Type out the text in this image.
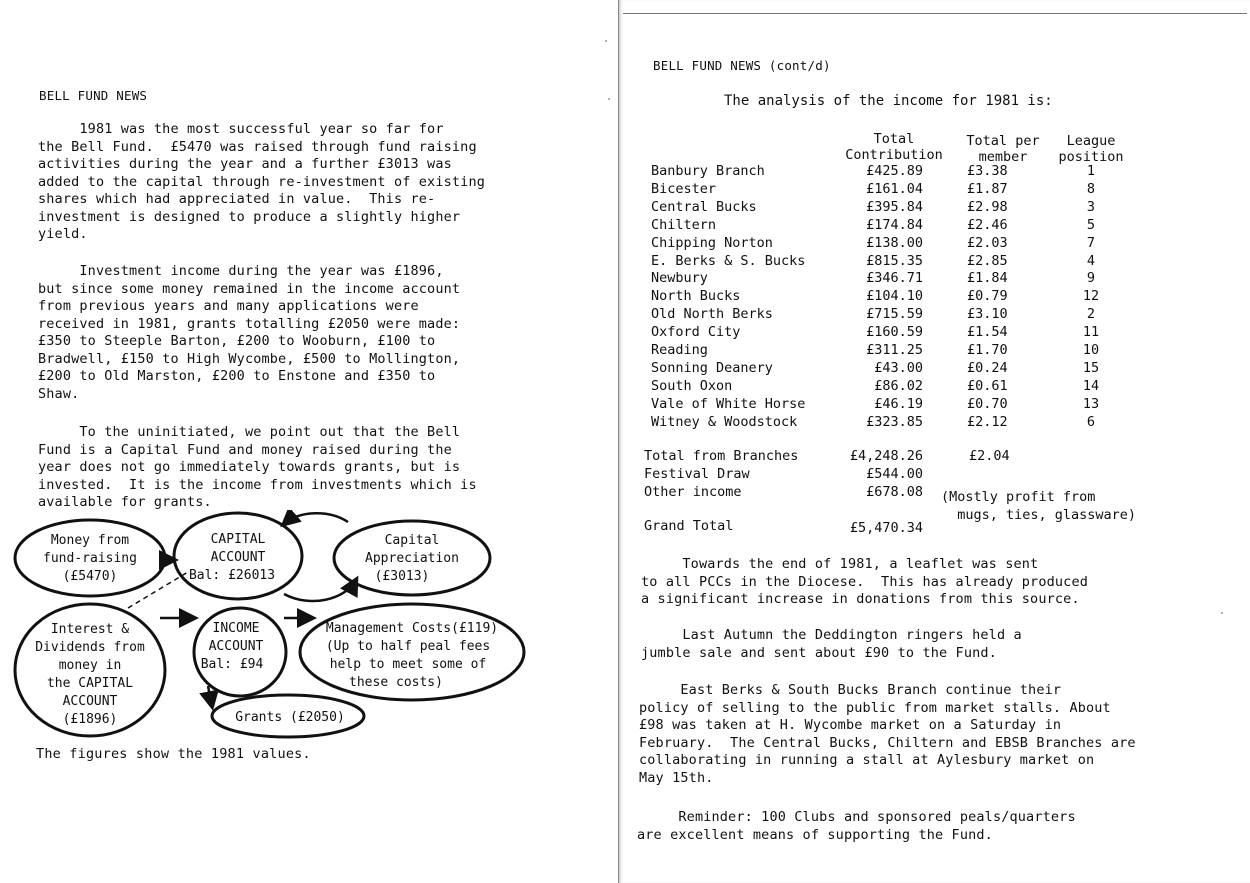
BELL FUND NEWS
1981 was the most successful year so far for
the Bell Fund.  £5470 was raised through fund raising
activities during the year and a further £3013 was
added to the capital through re-investment of existing
shares which had appreciated in value.  This re-
investment is designed to produce a slightly higher
yield.
Investment income during the year was £1896,
but since some money remained in the income account
from previous years and many applications were
received in 1981, grants totalling £2050 were made:
£350 to Steeple Barton, £200 to Wooburn, £100 to
Bradwell, £150 to High Wycombe, £500 to Mollington,
£200 to Old Marston, £200 to Enstone and £350 to
Shaw.
To the uninitiated, we point out that the Bell
Fund is a Capital Fund and money raised during the
year does not go immediately towards grants, but is
invested.  It is the income from investments which is
available for grants.
Money from
fund-raising
(£5470)
CAPITAL
ACCOUNT
Bal: £26013
Capital
Appreciation
(£3013)
Interest &
Dividends from
money in
the CAPITAL
ACCOUNT
(£1896)
INCOME
ACCOUNT
Bal: £94
Management Costs(£119)
(Up to half peal fees
help to meet some of
these costs)
Grants (£2050)
The figures show the 1981 values.
BELL FUND NEWS (cont/d)
The analysis of the income for 1981 is:
Total
Contribution
Total per
member
League
position
Banbury Branch	£425.89	£3.38	1
Bicester	£161.04	£1.87	8
Central Bucks	£395.84	£2.98	3
Chiltern	£174.84	£2.46	5
Chipping Norton	£138.00	£2.03	7
E. Berks & S. Bucks	£815.35	£2.85	4
Newbury	£346.71	£1.84	9
North Bucks	£104.10	£0.79	12
Old North Berks	£715.59	£3.10	2
Oxford City	£160.59	£1.54	11
Reading	£311.25	£1.70	10
Sonning Deanery	£43.00	£0.24	15
South Oxon	£86.02	£0.61	14
Vale of White Horse	£46.19	£0.70	13
Witney & Woodstock	£323.85	£2.12	6
Total from Branches	£4,248.26	£2.04
Festival Draw	£544.00
Other income	£678.08 (Mostly profit from
mugs, ties, glassware)
Grand Total	£5,470.34
Towards the end of 1981, a leaflet was sent
to all PCCs in the Diocese.  This has already produced
a significant increase in donations from this source.
Last Autumn the Deddington ringers held a
jumble sale and sent about £90 to the Fund.
East Berks & South Bucks Branch continue their
policy of selling to the public from market stalls. About
£98 was taken at H. Wycombe market on a Saturday in
February.  The Central Bucks, Chiltern and EBSB Branches are
collaborating in running a stall at Aylesbury market on
May 15th.
Reminder: 100 Clubs and sponsored peals/quarters
are excellent means of supporting the Fund.
